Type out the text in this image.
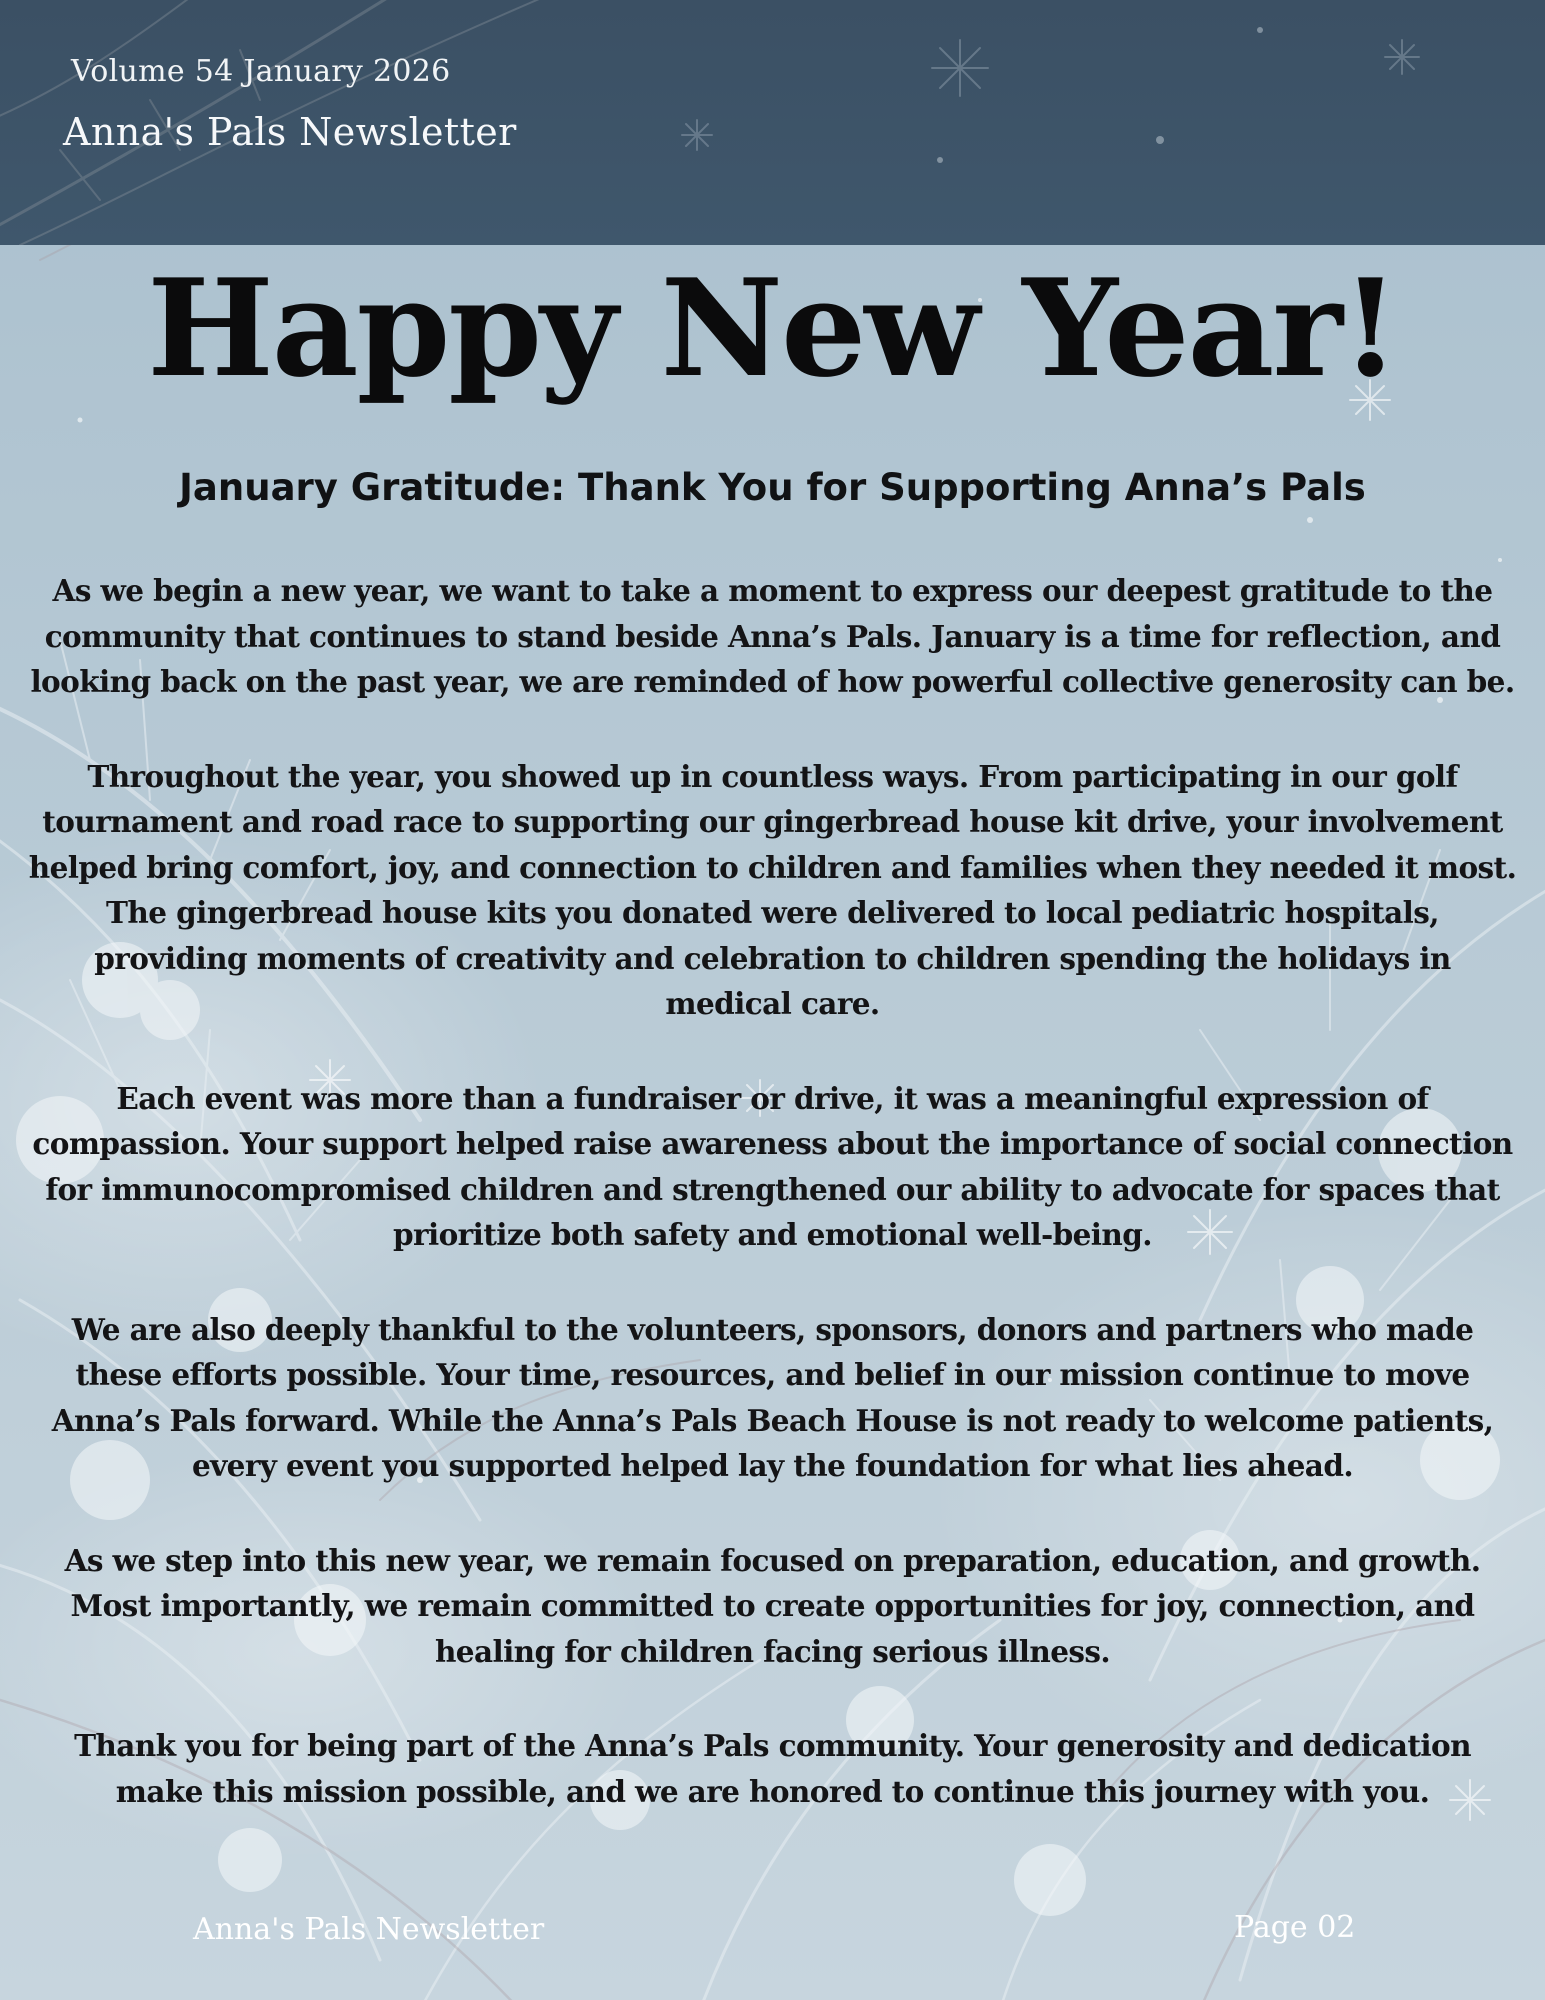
Volume 54 January 2026

Anna's Pals Newsletter
Happy New Year!
January Gratitude: Thank You for Supporting Anna’s Pals

As we begin a new year, we want to take a moment to express our deepest gratitude to the community that continues to stand beside Anna’s Pals. January is a time for reflection, and looking back on the past year, we are reminded of how powerful collective generosity can be.

Throughout the year, you showed up in countless ways. From participating in our golf tournament and road race to supporting our gingerbread house kit drive, your involvement helped bring comfort, joy, and connection to children and families when they needed it most. The gingerbread house kits you donated were delivered to local pediatric hospitals, providing moments of creativity and celebration to children spending the holidays in medical care.

Each event was more than a fundraiser or drive, it was a meaningful expression of compassion. Your support helped raise awareness about the importance of social connection for immunocompromised children and strengthened our ability to advocate for spaces that prioritize both safety and emotional well-being.

We are also deeply thankful to the volunteers, sponsors, donors and partners who made these efforts possible. Your time, resources, and belief in our mission continue to move Anna’s Pals forward. While the Anna’s Pals Beach House is not ready to welcome patients, every event you supported helped lay the foundation for what lies ahead.

As we step into this new year, we remain focused on preparation, education, and growth. Most importantly, we remain committed to create opportunities for joy, connection, and healing for children facing serious illness.

Thank you for being part of the Anna’s Pals community. Your generosity and dedication make this mission possible, and we are honored to continue this journey with you.

Anna's Pals Newsletter	Page 02
